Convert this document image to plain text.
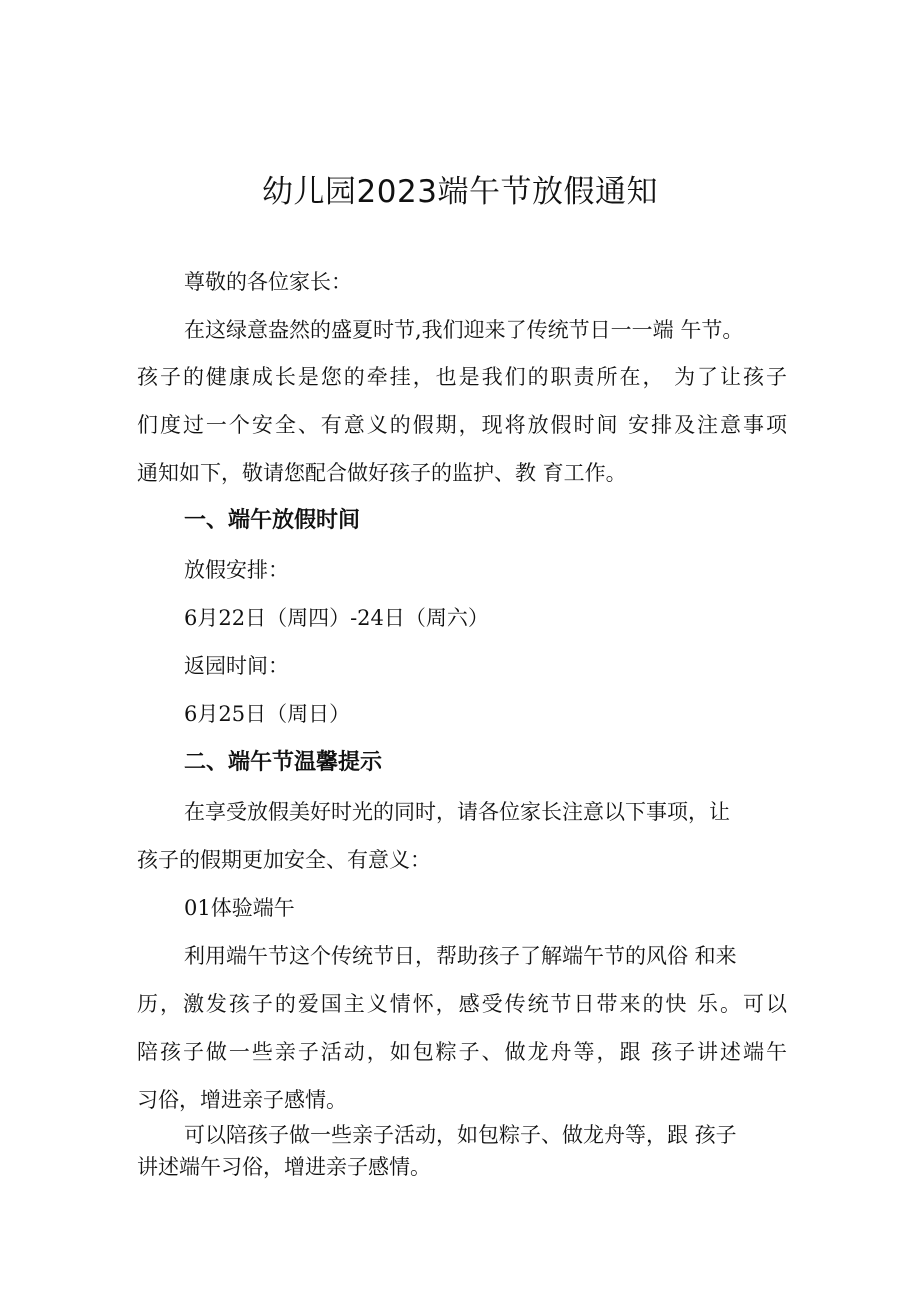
幼儿园2023端午节放假通知
尊敬的各位家长：
在这绿意盎然的盛夏时节,我们迎来了传统节日一一端 午节。
孩子的健康成长是您的牵挂，也是我们的职责所在， 为了让孩子
们度过一个安全、有意义的假期，现将放假时间 安排及注意事项
通知如下，敬请您配合做好孩子的监护、教 育工作。
一、端午放假时间
放假安排：
6月22日（周四）-24日（周六）
返园时间：
6月25日（周日）
二、端午节温馨提示
在享受放假美好时光的同时，请各位家长注意以下事项，让
孩子的假期更加安全、有意义：
01体验端午
利用端午节这个传统节日，帮助孩子了解端午节的风俗 和来
历，激发孩子的爱国主义情怀，感受传统节日带来的快 乐。可以
陪孩子做一些亲子活动，如包粽子、做龙舟等，跟 孩子讲述端午
习俗，增进亲子感情。
可以陪孩子做一些亲子活动，如包粽子、做龙舟等，跟 孩子
讲述端午习俗，增进亲子感情。
